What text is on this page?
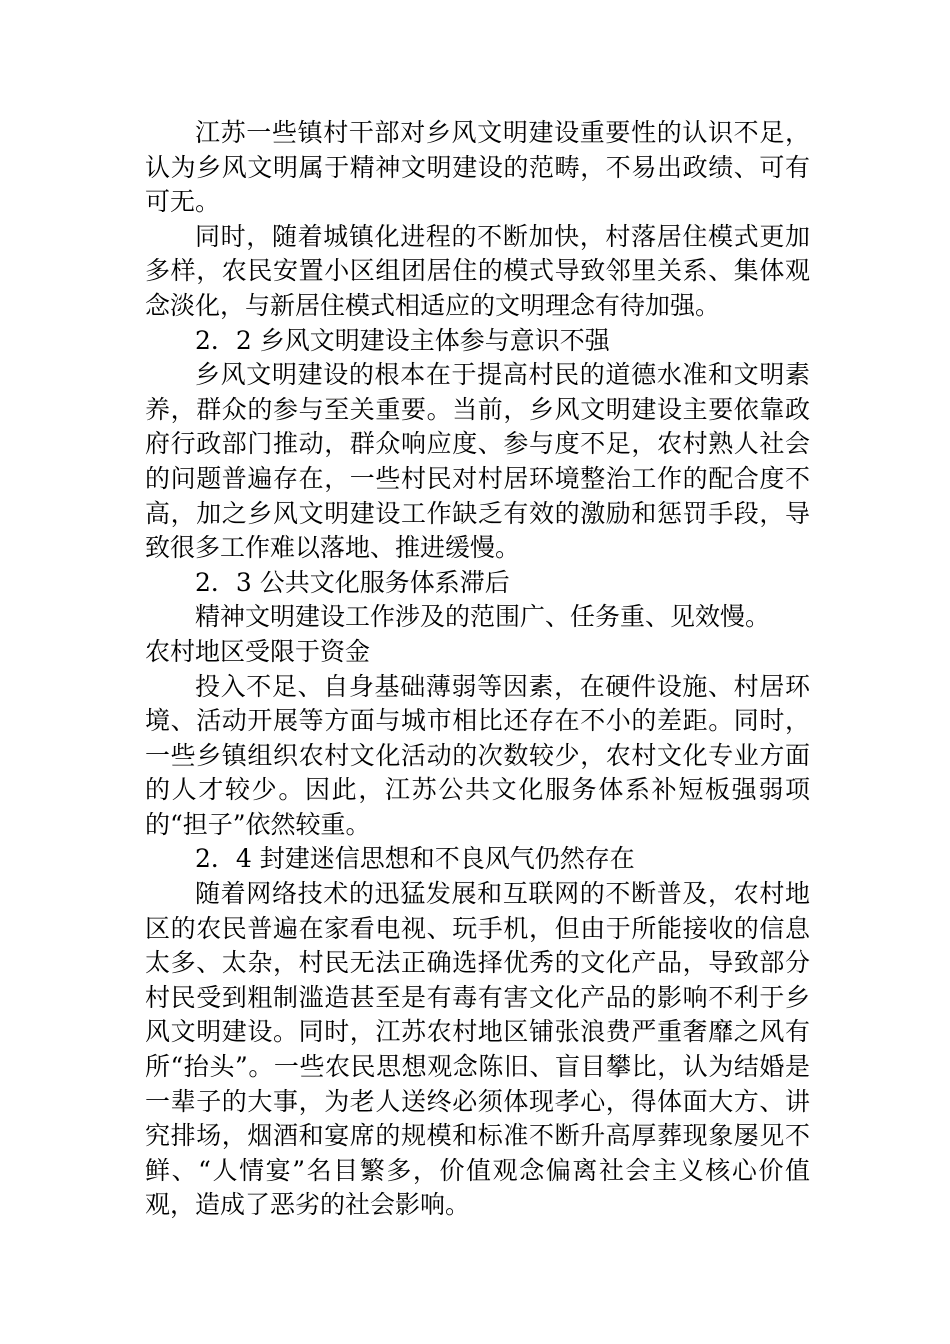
江苏一些镇村干部对乡风文明建设重要性的认识不足，认为乡风文明属于精神文明建设的范畴，不易出政绩、可有可无。

同时，随着城镇化进程的不断加快，村落居住模式更加多样，农民安置小区组团居住的模式导致邻里关系、集体观念淡化，与新居住模式相适应的文明理念有待加强。

2．2 乡风文明建设主体参与意识不强

乡风文明建设的根本在于提高村民的道德水准和文明素养，群众的参与至关重要。当前，乡风文明建设主要依靠政府行政部门推动，群众响应度、参与度不足，农村熟人社会的问题普遍存在，一些村民对村居环境整治工作的配合度不高，加之乡风文明建设工作缺乏有效的激励和惩罚手段，导致很多工作难以落地、推进缓慢。

2．3 公共文化服务体系滞后

精神文明建设工作涉及的范围广、任务重、见效慢。

农村地区受限于资金

投入不足、自身基础薄弱等因素，在硬件设施、村居环境、活动开展等方面与城市相比还存在不小的差距。同时，一些乡镇组织农村文化活动的次数较少，农村文化专业方面的人才较少。因此，江苏公共文化服务体系补短板强弱项的“担子”依然较重。

2．4 封建迷信思想和不良风气仍然存在

随着网络技术的迅猛发展和互联网的不断普及，农村地区的农民普遍在家看电视、玩手机，但由于所能接收的信息太多、太杂，村民无法正确选择优秀的文化产品，导致部分村民受到粗制滥造甚至是有毒有害文化产品的影响不利于乡风文明建设。同时，江苏农村地区铺张浪费严重奢靡之风有所“抬头”。一些农民思想观念陈旧、盲目攀比，认为结婚是一辈子的大事，为老人送终必须体现孝心，得体面大方、讲究排场，烟酒和宴席的规模和标准不断升高厚葬现象屡见不鲜、“人情宴”名目繁多，价值观念偏离社会主义核心价值观，造成了恶劣的社会影响。
